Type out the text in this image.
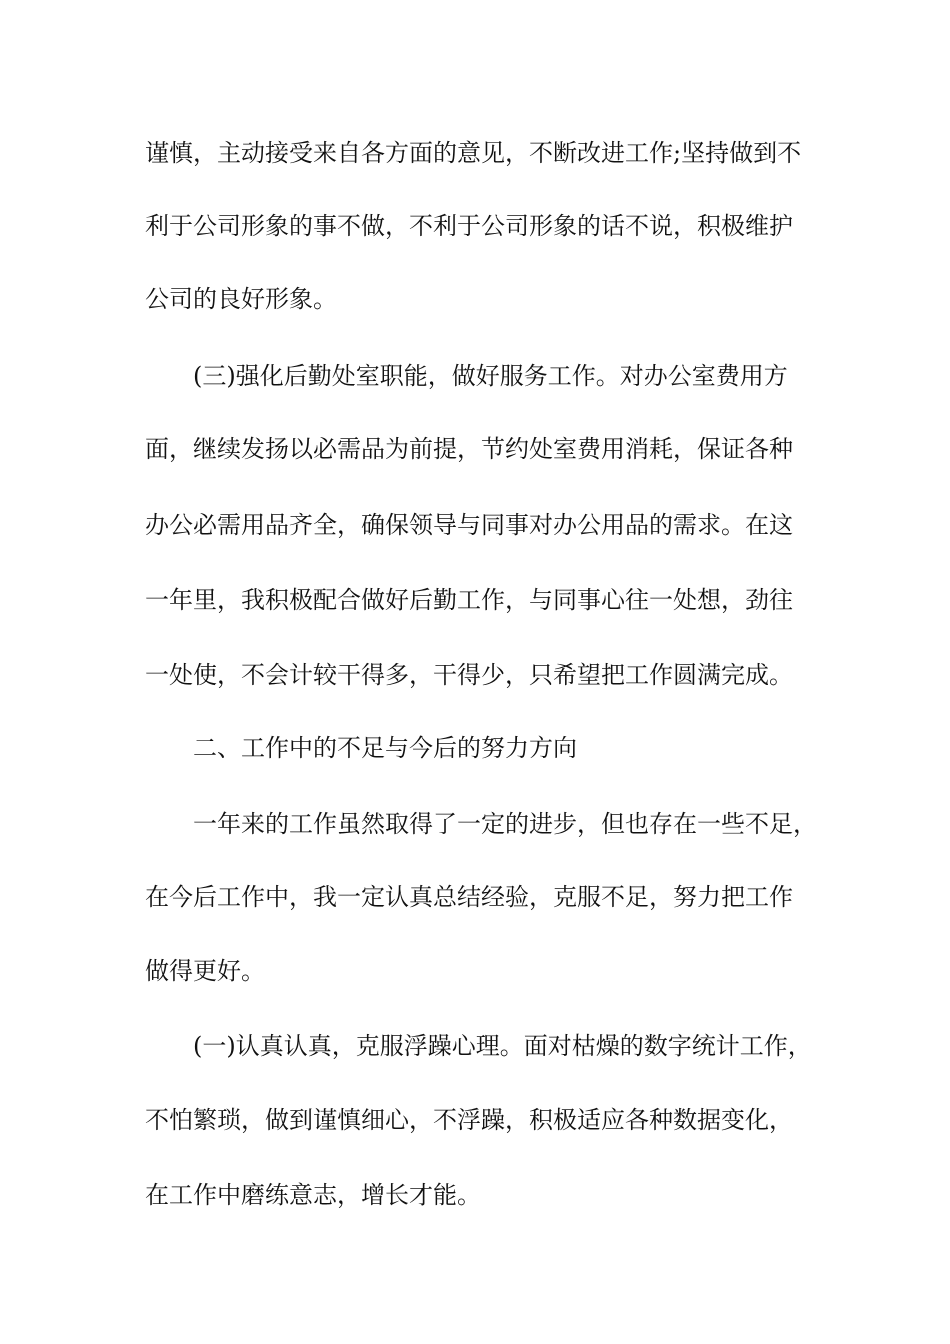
谨慎，主动接受来自各方面的意见，不断改进工作;坚持做到不
利于公司形象的事不做，不利于公司形象的话不说，积极维护
公司的良好形象。
(三)强化后勤处室职能，做好服务工作。对办公室费用方
面，继续发扬以必需品为前提，节约处室费用消耗，保证各种
办公必需用品齐全，确保领导与同事对办公用品的需求。在这
一年里，我积极配合做好后勤工作，与同事心往一处想，劲往
一处使，不会计较干得多，干得少，只希望把工作圆满完成。
二、工作中的不足与今后的努力方向
一年来的工作虽然取得了一定的进步，但也存在一些不足，
在今后工作中，我一定认真总结经验，克服不足，努力把工作
做得更好。
(一)认真认真，克服浮躁心理。面对枯燥的数字统计工作，
不怕繁琐，做到谨慎细心，不浮躁，积极适应各种数据变化，
在工作中磨练意志，增长才能。
